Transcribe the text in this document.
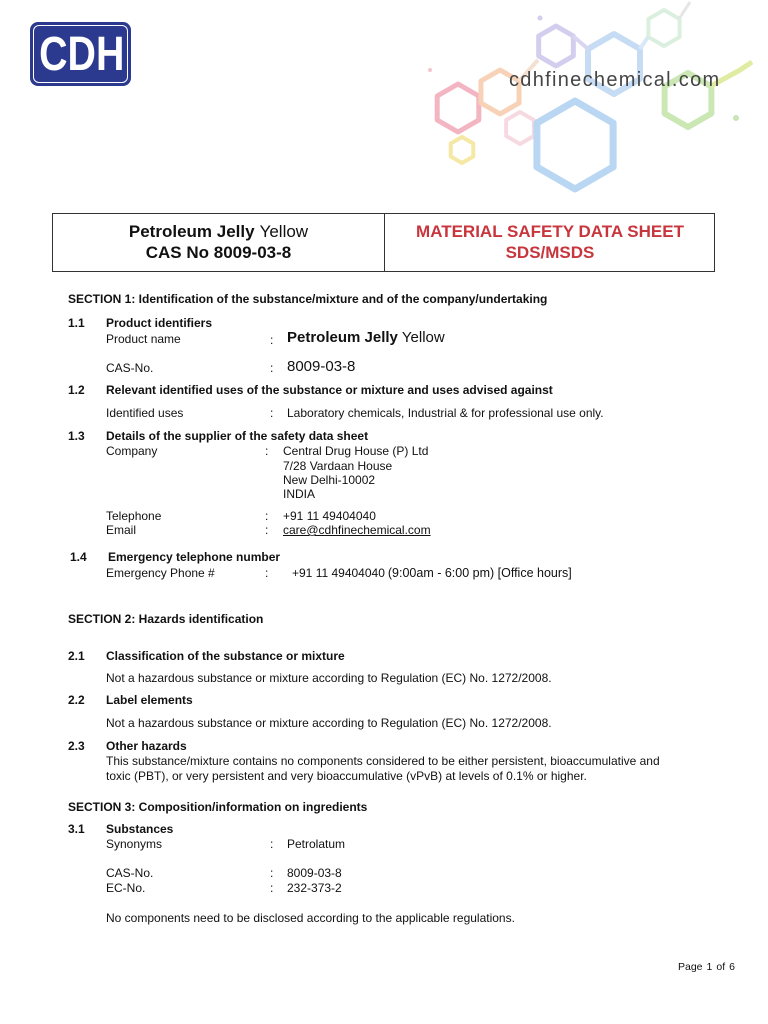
CDH	cdhfinechemical.com
Petroleum Jelly Yellow
CAS No 8009-03-8
MATERIAL SAFETY DATA SHEET
SDS/MSDS
SECTION 1: Identification of the substance/mixture and of the company/undertaking
1.1 Product identifiers
Product name	: Petroleum Jelly Yellow
CAS-No.	: 8009-03-8
1.2 Relevant identified uses of the substance or mixture and uses advised against
Identified uses	: Laboratory chemicals, Industrial & for professional use only.
1.3 Details of the supplier of the safety data sheet
Company	: Central Drug House (P) Ltd
7/28 Vardaan House
New Delhi-10002
INDIA
Telephone	: +91 11 49404040
Email	: care@cdhfinechemical.com
1.4 Emergency telephone number
Emergency Phone #	: +91 11 49404040 (9:00am - 6:00 pm) [Office hours]
SECTION 2: Hazards identification
2.1 Classification of the substance or mixture
Not a hazardous substance or mixture according to Regulation (EC) No. 1272/2008.
2.2 Label elements
Not a hazardous substance or mixture according to Regulation (EC) No. 1272/2008.
2.3 Other hazards
This substance/mixture contains no components considered to be either persistent, bioaccumulative and
toxic (PBT), or very persistent and very bioaccumulative (vPvB) at levels of 0.1% or higher.
SECTION 3: Composition/information on ingredients
3.1 Substances
Synonyms	: Petrolatum
CAS-No.	: 8009-03-8
EC-No.	: 232-373-2
No components need to be disclosed according to the applicable regulations.
Page 1 of 6
